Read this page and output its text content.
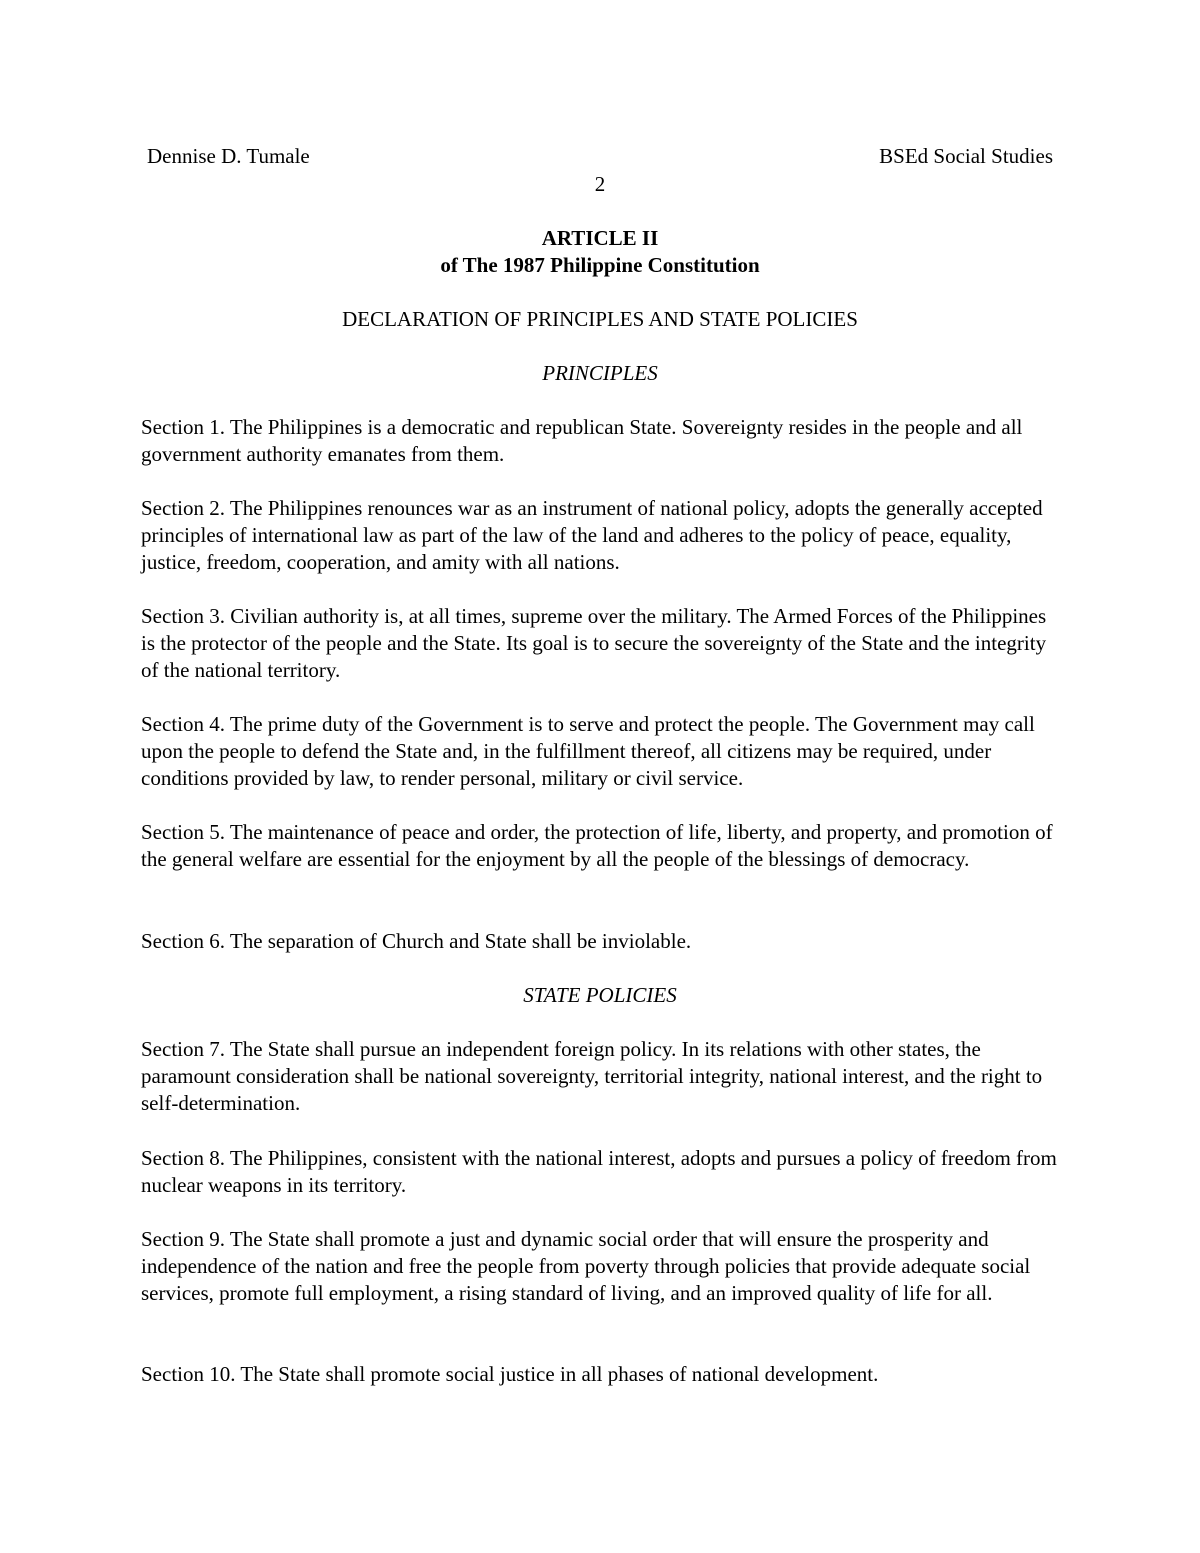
Dennise D. Tumale	BSEd Social Studies
2
ARTICLE II
of The 1987 Philippine Constitution
DECLARATION OF PRINCIPLES AND STATE POLICIES
PRINCIPLES

Section 1. The Philippines is a democratic and republican State. Sovereignty resides in the people and all government authority emanates from them.

Section 2. The Philippines renounces war as an instrument of national policy, adopts the generally accepted principles of international law as part of the law of the land and adheres to the policy of peace, equality, justice, freedom, cooperation, and amity with all nations.

Section 3. Civilian authority is, at all times, supreme over the military. The Armed Forces of the Philippines is the protector of the people and the State. Its goal is to secure the sovereignty of the State and the integrity of the national territory.

Section 4. The prime duty of the Government is to serve and protect the people. The Government may call upon the people to defend the State and, in the fulfillment thereof, all citizens may be required, under conditions provided by law, to render personal, military or civil service.

Section 5. The maintenance of peace and order, the protection of life, liberty, and property, and promotion of the general welfare are essential for the enjoyment by all the people of the blessings of democracy.

Section 6. The separation of Church and State shall be inviolable.

STATE POLICIES

Section 7. The State shall pursue an independent foreign policy. In its relations with other states, the paramount consideration shall be national sovereignty, territorial integrity, national interest, and the right to self-determination.

Section 8. The Philippines, consistent with the national interest, adopts and pursues a policy of freedom from nuclear weapons in its territory.

Section 9. The State shall promote a just and dynamic social order that will ensure the prosperity and independence of the nation and free the people from poverty through policies that provide adequate social services, promote full employment, a rising standard of living, and an improved quality of life for all.

Section 10. The State shall promote social justice in all phases of national development.
